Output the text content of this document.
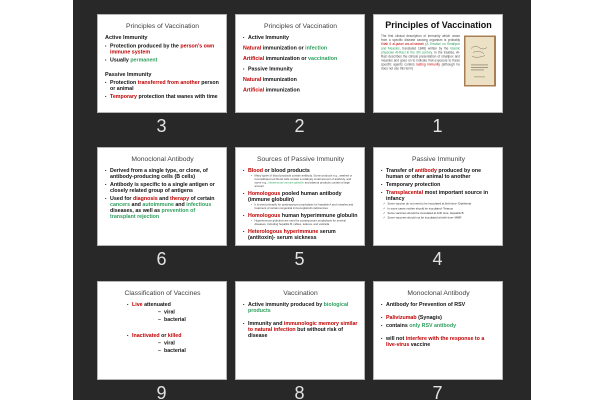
Principles of Vaccination
Active Immunity
• Protection produced by the person's own immune system
• Usually permanent
Passive Immunity
• Protection transferred from another person or animal
• Temporary protection that wanes with time
3
Principles of Vaccination
• Active Immunity
Natural immunization or infection
Artificial immunization or vaccination
• Passive Immunity
Natural immunization
Artificial immunization
2
Principles of Vaccination
The first clinical description of immunity which arose from a specific disease causing organism is probably Kitab fi al-jadari wa-al-hasbah (A Treatise on Smallpox and Measles, translated 1848) written by the Islamic physician Al-Razi in the 9th century. In the treatise, Al-Razi describes the clinical presentation of smallpox and measles and goes on to indicate that exposure to these specific agents confers lasting immunity (although he does not use this term)
1
Monoclonal Antibody
• Derived from a single type, or clone, of antibody-producing cells (B cells)
• Antibody is specific to a single antigen or closely related group of antigens
• Used for diagnosis and therapy of certain cancers and autoimmune and infectious diseases, as well as prevention of transplant rejection
6
Sources of Passive Immunity
• Blood or blood products
• Many types of blood products contain antibody. Some products e.g., washed or reconstituted red blood cells contain a relatively small amount of antibody, and some e.g., intravenous immune globulin and plasma products contain a large amount
• Homologous pooled human antibody (immune globulin)
• It is used primarily for postexposure prophylaxis for hepatitis A and measles and treatment of certain congenital immunoglobulin deficiencies
• Homologous human hyperimmune globulin
• Hyperimmune globulins are used for postexposure prophylaxis for several diseases, including hepatitis B, rabies, tetanus, and varicella
• Heterologous hyperimmune serum (antitoxin)- serum sickness
5
Passive Immunity
• Transfer of antibody produced by one human or other animal to another
• Temporary protection
• Transplacental most important source in infancy
✓ Some vaccine do not need to be inoculated at birth time- Diphtheria
✓ In some cases mother should be inoculated- Tetanus
✓ Some vaccines should be inoculated at birth time- Hepatitis B
✓ Some vaccines should not be inoculated at birth time- MMR
4
Classification of Vaccines
• Live attenuated
– viral
– bacterial
• Inactivated or killed
– viral
– bacterial
9
Vaccination
• Active immunity produced by biological products
• Immunity and immunologic memory similar to natural infection but without risk of disease
8
Monoclonal Antibody
• Antibody for Prevention of RSV
• Palivizumab (Synagis)
• contains only RSV antibody
• will not interfere with the response to a live-virus vaccine
7
